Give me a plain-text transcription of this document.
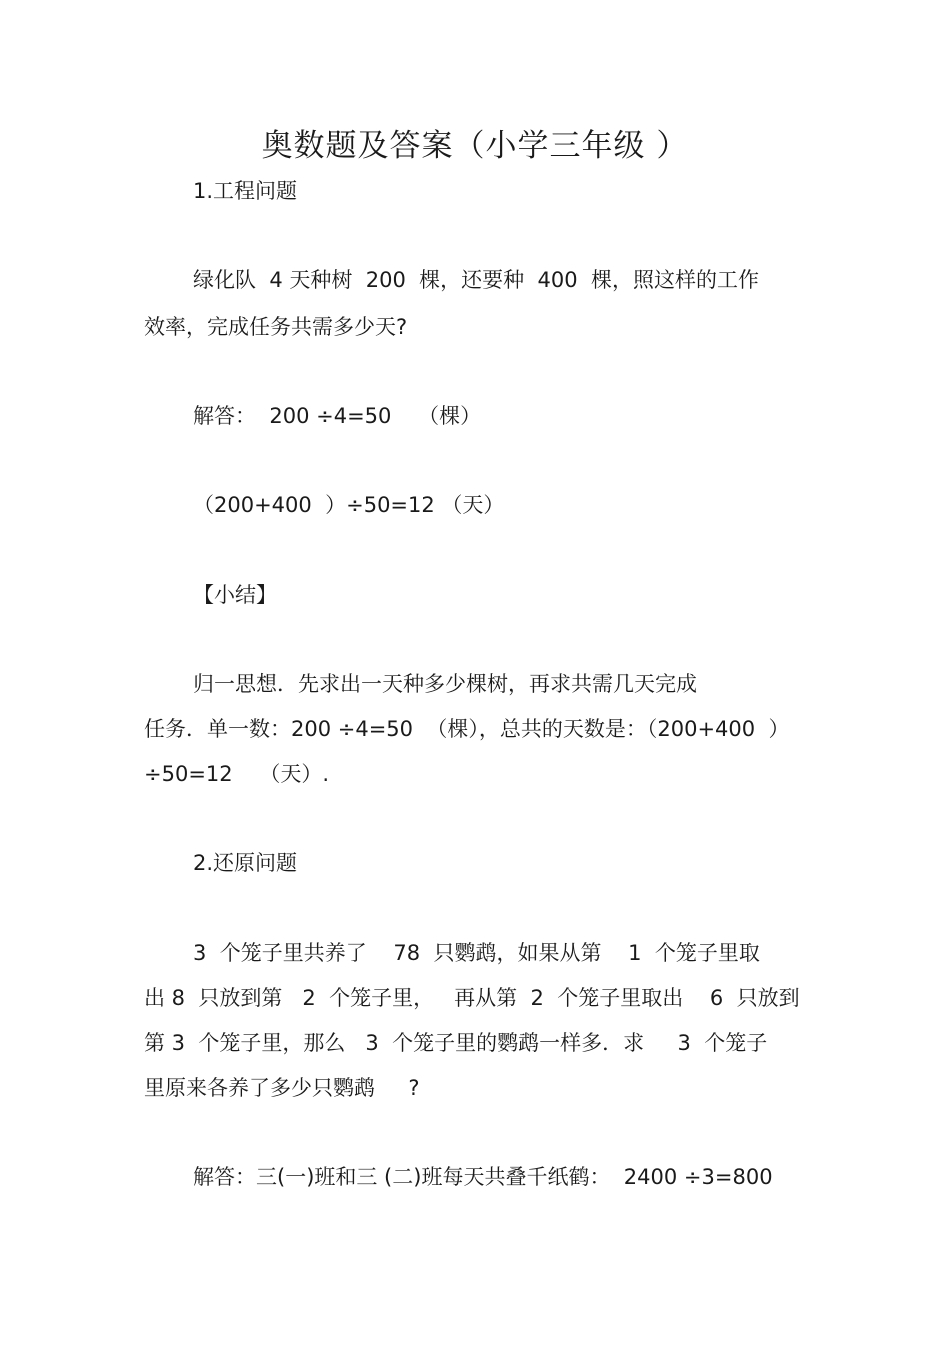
奥数题及答案（小学三年级 ）

1.工程问题

绿化队  4 天种树  200  棵，还要种  400  棵，照这样的工作

效率，完成任务共需多少天?

解答：  200 ÷4=50    （棵）

（200+400  ）÷50=12 （天）

【小结】

归一思想．先求出一天种多少棵树，再求共需几天完成

任务．单一数：200 ÷4=50  （棵），总共的天数是：（200+400  ）

÷50=12    （天）.

2.还原问题

3  个笼子里共养了    78  只鹦鹉，如果从第    1  个笼子里取

出 8  只放到第   2  个笼子里，   再从第  2  个笼子里取出    6  只放到

第 3  个笼子里，那么   3  个笼子里的鹦鹉一样多．求     3  个笼子

里原来各养了多少只鹦鹉     ?

解答：三(一)班和三 (二)班每天共叠千纸鹤：  2400 ÷3=800
